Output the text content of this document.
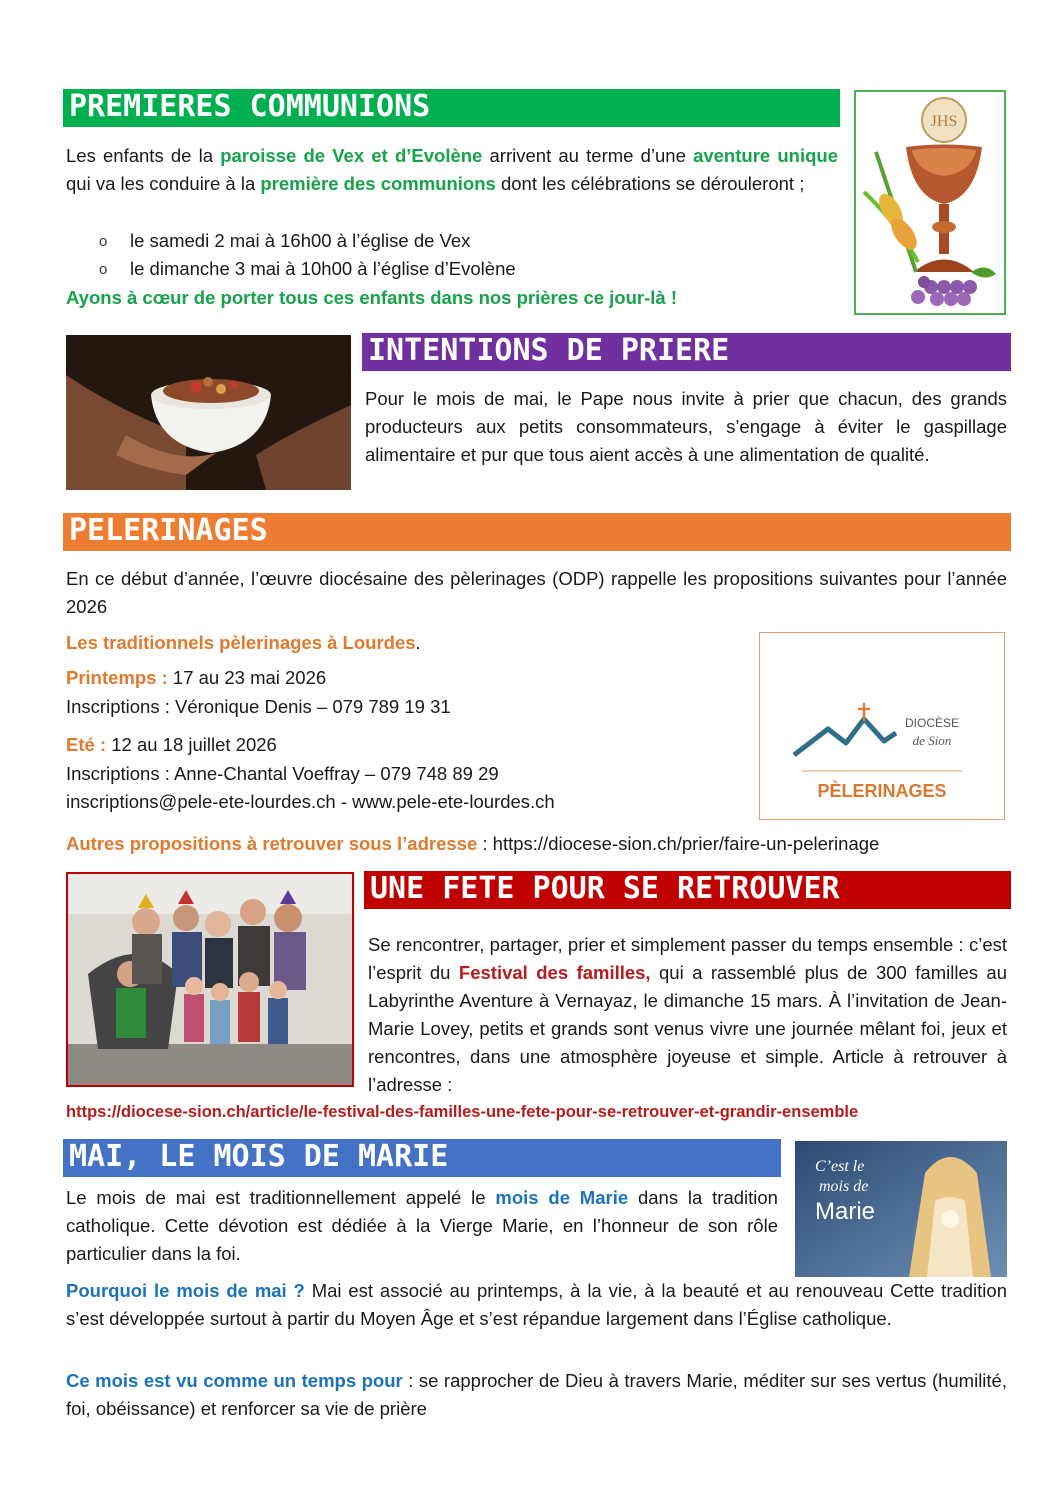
PREMIERES COMMUNIONS

Les enfants de la paroisse de Vex et d’Evolène arrivent au terme d’une aventure unique qui va les conduire à la première des communions dont les célébrations se dérouleront ;

o le samedi 2 mai à 16h00 à l’église de Vex
o le dimanche 3 mai à 10h00 à l’église d’Evolène

Ayons à cœur de porter tous ces enfants dans nos prières ce jour-là !

JHS
INTENTIONS DE PRIERE

Pour le mois de mai, le Pape nous invite à prier que chacun, des grands producteurs aux petits consommateurs, s’engage à éviter le gaspillage alimentaire et pur que tous aient accès à une alimentation de qualité.

PELERINAGES

En ce début d’année, l’œuvre diocésaine des pèlerinages (ODP) rappelle les propositions suivantes pour l’année 2026

Les traditionnels pèlerinages à Lourdes.

Printemps : 17 au 23 mai 2026

Inscriptions : Véronique Denis – 079 789 19 31

Eté : 12 au 18 juillet 2026

Inscriptions : Anne-Chantal Voeffray – 079 748 89 29

inscriptions@pele-ete-lourdes.ch - www.pele-ete-lourdes.ch

Autres propositions à retrouver sous l’adresse : https://diocese-sion.ch/prier/faire-un-pelerinage

DIOCÈSE
de Sion
PÈLERINAGES
UNE FETE POUR SE RETROUVER

Se rencontrer, partager, prier et simplement passer du temps ensemble : c’est l’esprit du Festival des familles, qui a rassemblé plus de 300 familles au Labyrinthe Aventure à Vernayaz, le dimanche 15 mars. À l’invitation de Jean-Marie Lovey, petits et grands sont venus vivre une journée mêlant foi, jeux et rencontres, dans une atmosphère joyeuse et simple. Article à retrouver à l’adresse :

https://diocese-sion.ch/article/le-festival-des-familles-une-fete-pour-se-retrouver-et-grandir-ensemble

MAI, LE MOIS DE MARIE

Le mois de mai est traditionnellement appelé le mois de Marie dans la tradition catholique. Cette dévotion est dédiée à la Vierge Marie, en l’honneur de son rôle particulier dans la foi.

C’est le
mois de
Marie

Pourquoi le mois de mai ? Mai est associé au printemps, à la vie, à la beauté et au renouveau Cette tradition s’est développée surtout à partir du Moyen Âge et s’est répandue largement dans l’Église catholique.

Ce mois est vu comme un temps pour : se rapprocher de Dieu à travers Marie, méditer sur ses vertus (humilité, foi, obéissance) et renforcer sa vie de prière
